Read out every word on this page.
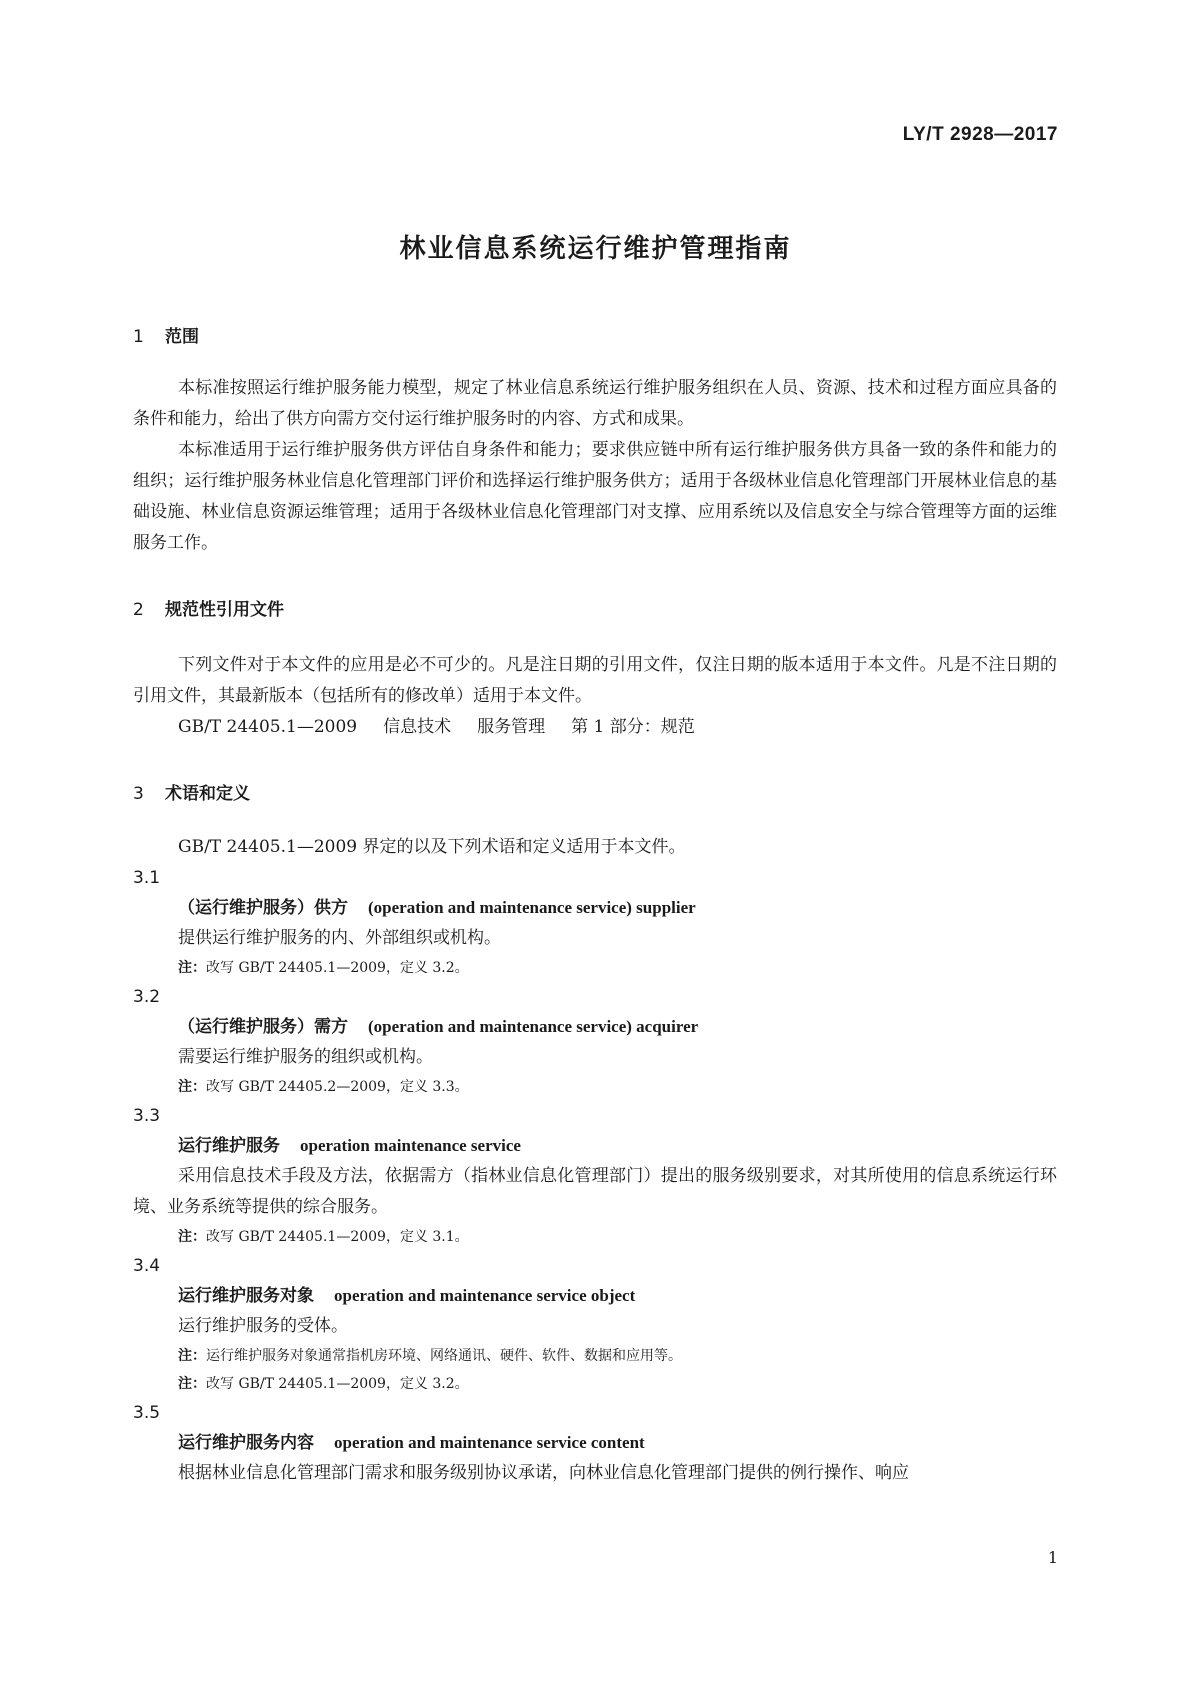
LY/T 2928—2017
林业信息系统运行维护管理指南

1 范围

本标准按照运行维护服务能力模型，规定了林业信息系统运行维护服务组织在人员、资源、技术和过程方面应具备的条件和能力，给出了供方向需方交付运行维护服务时的内容、方式和成果。

本标准适用于运行维护服务供方评估自身条件和能力；要求供应链中所有运行维护服务供方具备一致的条件和能力的组织；运行维护服务林业信息化管理部门评价和选择运行维护服务供方；适用于各级林业信息化管理部门开展林业信息的基础设施、林业信息资源运维管理；适用于各级林业信息化管理部门对支撑、应用系统以及信息安全与综合管理等方面的运维服务工作。

2 规范性引用文件

下列文件对于本文件的应用是必不可少的。凡是注日期的引用文件，仅注日期的版本适用于本文件。凡是不注日期的引用文件，其最新版本（包括所有的修改单）适用于本文件。

GB/T 24405.1—2009 信息技术 服务管理 第 1 部分：规范

3 术语和定义

GB/T 24405.1—2009 界定的以及下列术语和定义适用于本文件。

3.1

（运行维护服务）供方 (operation and maintenance service) supplier

提供运行维护服务的内、外部组织或机构。

注：改写 GB/T 24405.1—2009，定义 3.2。

3.2

（运行维护服务）需方 (operation and maintenance service) acquirer

需要运行维护服务的组织或机构。

注：改写 GB/T 24405.2—2009，定义 3.3。

3.3

运行维护服务 operation maintenance service

采用信息技术手段及方法，依据需方（指林业信息化管理部门）提出的服务级别要求，对其所使用的信息系统运行环境、业务系统等提供的综合服务。

注：改写 GB/T 24405.1—2009，定义 3.1。

3.4

运行维护服务对象 operation and maintenance service object

运行维护服务的受体。

注：运行维护服务对象通常指机房环境、网络通讯、硬件、软件、数据和应用等。

注：改写 GB/T 24405.1—2009，定义 3.2。

3.5

运行维护服务内容 operation and maintenance service content

根据林业信息化管理部门需求和服务级别协议承诺，向林业信息化管理部门提供的例行操作、响应

1
